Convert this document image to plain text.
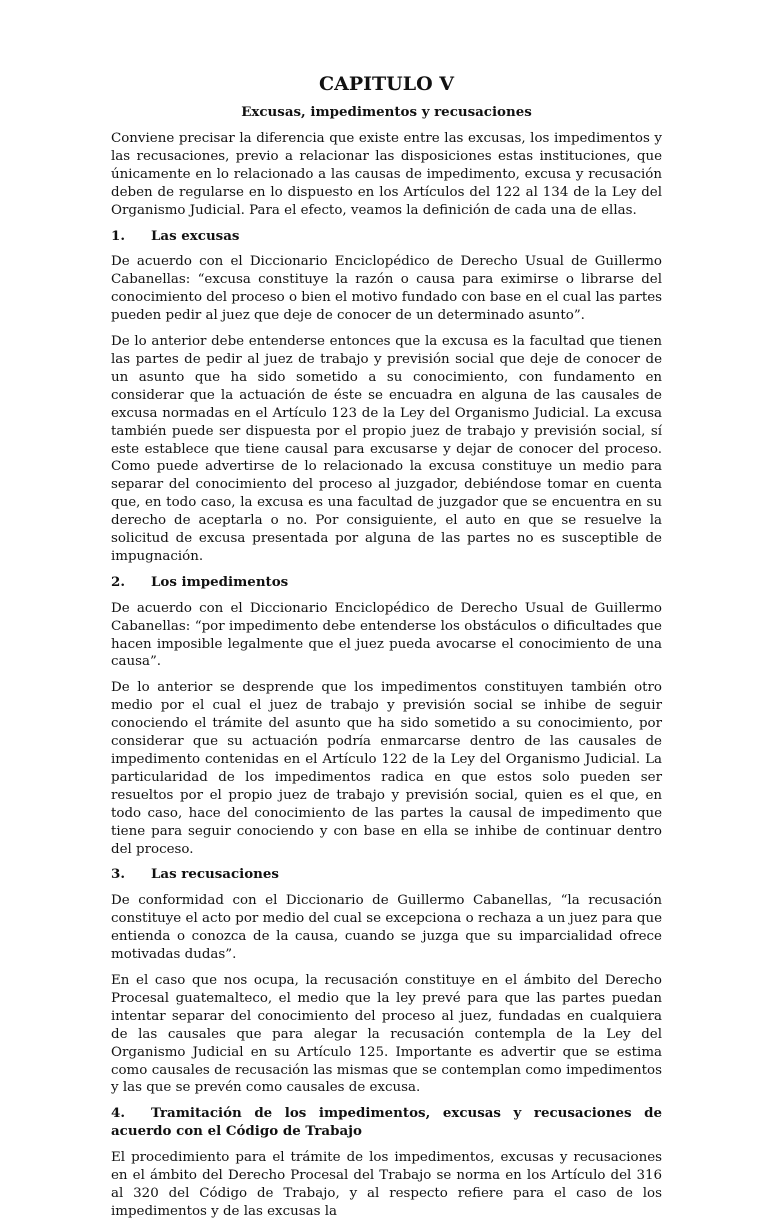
CAPITULO V
Excusas, impedimentos y recusaciones

Conviene precisar la diferencia que existe entre las excusas, los impedimentos y las recusaciones, previo a relacionar las disposiciones estas instituciones, que únicamente en lo relacionado a las causas de impedimento, excusa y recusación deben de regularse en lo dispuesto en los Artículos del 122 al 134 de la Ley del Organismo Judicial. Para el efecto, veamos la definición de cada una de ellas.

1.	Las excusas

De acuerdo con el Diccionario Enciclopédico de Derecho Usual de Guillermo Cabanellas: “excusa constituye la razón o causa para eximirse o librarse del conocimiento del proceso o bien el motivo fundado con base en el cual las partes pueden pedir al juez que deje de conocer de un determinado asunto”.

De lo anterior debe entenderse entonces que la excusa es la facultad que tienen las partes de pedir al juez de trabajo y previsión social que deje de conocer de un asunto que ha sido sometido a su conocimiento, con fundamento en considerar que la actuación de éste se encuadra en alguna de las causales de excusa normadas en el Artículo 123 de la Ley del Organismo Judicial. La excusa también puede ser dispuesta por el propio juez de trabajo y previsión social, sí este establece que tiene causal para excusarse y dejar de conocer del proceso. Como puede advertirse de lo relacionado la excusa constituye un medio para separar del conocimiento del proceso al juzgador, debiéndose tomar en cuenta que, en todo caso, la excusa es una facultad de juzgador que se encuentra en su derecho de aceptarla o no. Por consiguiente, el auto en que se resuelve la solicitud de excusa presentada por alguna de las partes no es susceptible de impugnación.

2.	Los impedimentos

De acuerdo con el Diccionario Enciclopédico de Derecho Usual de Guillermo Cabanellas: “por impedimento debe entenderse los obstáculos o dificultades que hacen imposible legalmente que el juez pueda avocarse el conocimiento de una causa”.

De lo anterior se desprende que los impedimentos constituyen también otro medio por el cual el juez de trabajo y previsión social se inhibe de seguir conociendo el trámite del asunto que ha sido sometido a su conocimiento, por considerar que su actuación podría enmarcarse dentro de las causales de impedimento contenidas en el Artículo 122 de la Ley del Organismo Judicial. La particularidad de los impedimentos radica en que estos solo pueden ser resueltos por el propio juez de trabajo y previsión social, quien es el que, en todo caso, hace del conocimiento de las partes la causal de impedimento que tiene para seguir conociendo y con base en ella se inhibe de continuar dentro del proceso.

3.	Las recusaciones

De conformidad con el Diccionario de Guillermo Cabanellas, “la recusación constituye el acto por medio del cual se excepciona o rechaza a un juez para que entienda o conozca de la causa, cuando se juzga que su imparcialidad ofrece motivadas dudas”.

En el caso que nos ocupa, la recusación constituye en el ámbito del Derecho Procesal guatemalteco, el medio que la ley prevé para que las partes puedan intentar separar del conocimiento del proceso al juez, fundadas en cualquiera de las causales que para alegar la recusación contempla de la Ley del Organismo Judicial en su Artículo 125. Importante es advertir que se estima como causales de recusación las mismas que se contemplan como impedimentos y las que se prevén como causales de excusa.

4. Tramitación de los impedimentos, excusas y recusaciones de acuerdo con el Código de Trabajo

El procedimiento para el trámite de los impedimentos, excusas y recusaciones en el ámbito del Derecho Procesal del Trabajo se norma en los Artículo del 316 al 320 del Código de Trabajo, y al respecto refiere para el caso de los impedimentos y de las excusas la
